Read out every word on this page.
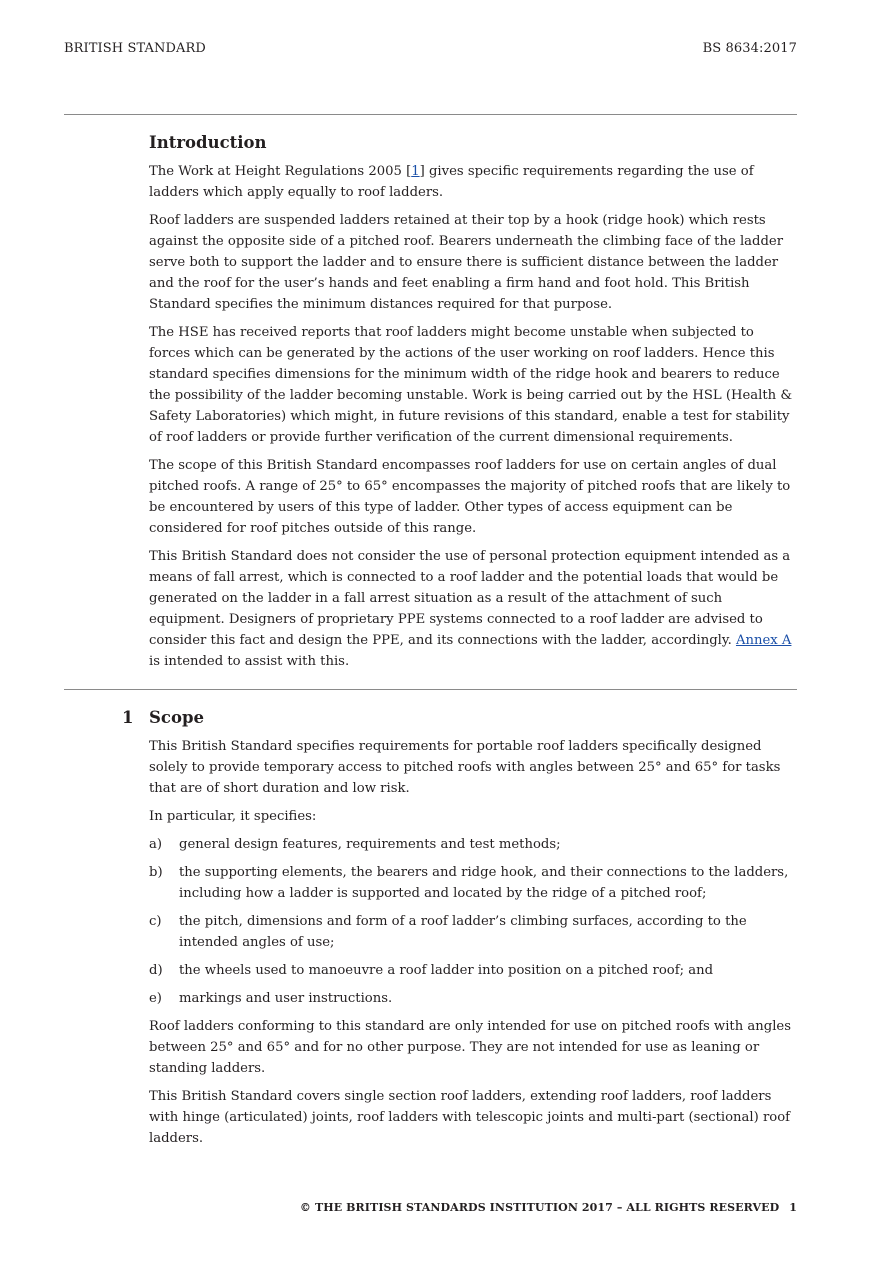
BRITISH STANDARD	BS 8634:2017
Introduction

The Work at Height Regulations 2005 [1] gives specific requirements regarding the use of ladders which apply equally to roof ladders.

Roof ladders are suspended ladders retained at their top by a hook (ridge hook) which rests against the opposite side of a pitched roof. Bearers underneath the climbing face of the ladder serve both to support the ladder and to ensure there is sufficient distance between the ladder and the roof for the user’s hands and feet enabling a firm hand and foot hold. This British Standard specifies the minimum distances required for that purpose.

The HSE has received reports that roof ladders might become unstable when subjected to forces which can be generated by the actions of the user working on roof ladders. Hence this standard specifies dimensions for the minimum width of the ridge hook and bearers to reduce the possibility of the ladder becoming unstable. Work is being carried out by the HSL (Health & Safety Laboratories) which might, in future revisions of this standard, enable a test for stability of roof ladders or provide further verification of the current dimensional requirements.

The scope of this British Standard encompasses roof ladders for use on certain angles of dual pitched roofs. A range of 25° to 65° encompasses the majority of pitched roofs that are likely to be encountered by users of this type of ladder. Other types of access equipment can be considered for roof pitches outside of this range.

This British Standard does not consider the use of personal protection equipment intended as a means of fall arrest, which is connected to a roof ladder and the potential loads that would be generated on the ladder in a fall arrest situation as a result of the attachment of such equipment. Designers of proprietary PPE systems connected to a roof ladder are advised to consider this fact and design the PPE, and its connections with the ladder, accordingly. Annex A is intended to assist with this.

1 Scope

This British Standard specifies requirements for portable roof ladders specifically designed solely to provide temporary access to pitched roofs with angles between 25° and 65° for tasks that are of short duration and low risk.

In particular, it specifies:

a) general design features, requirements and test methods;
b) the supporting elements, the bearers and ridge hook, and their connections to the ladders, including how a ladder is supported and located by the ridge of a pitched roof;
c) the pitch, dimensions and form of a roof ladder’s climbing surfaces, according to the intended angles of use;
d) the wheels used to manoeuvre a roof ladder into position on a pitched roof; and
e) markings and user instructions.

Roof ladders conforming to this standard are only intended for use on pitched roofs with angles between 25° and 65° and for no other purpose. They are not intended for use as leaning or standing ladders.

This British Standard covers single section roof ladders, extending roof ladders, roof ladders with hinge (articulated) joints, roof ladders with telescopic joints and multi-part (sectional) roof ladders.

© THE BRITISH STANDARDS INSTITUTION 2017 – ALL RIGHTS RESERVED 1
